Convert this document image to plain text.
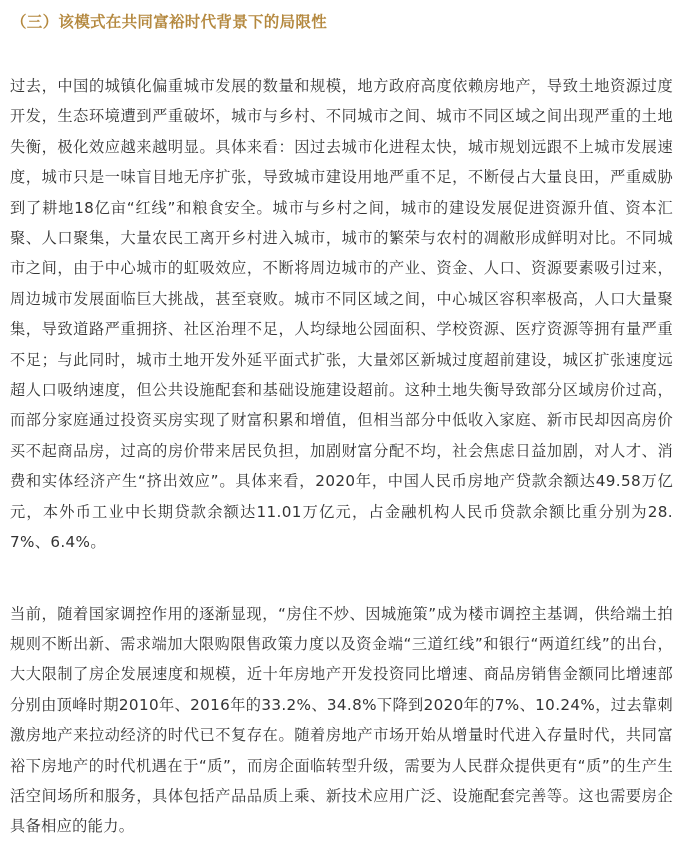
（三）该模式在共同富裕时代背景下的局限性

过去，中国的城镇化偏重城市发展的数量和规模，地方政府高度依赖房地产，导致土地资源过度开发，生态环境遭到严重破坏，城市与乡村、不同城市之间、城市不同区域之间出现严重的土地失衡，极化效应越来越明显。具体来看：因过去城市化进程太快，城市规划远跟不上城市发展速度，城市只是一味盲目地无序扩张，导致城市建设用地严重不足，不断侵占大量良田，严重威胁到了耕地18亿亩“红线”和粮食安全。城市与乡村之间，城市的建设发展促进资源升值、资本汇聚、人口聚集，大量农民工离开乡村进入城市，城市的繁荣与农村的凋敝形成鲜明对比。不同城市之间，由于中心城市的虹吸效应，不断将周边城市的产业、资金、人口、资源要素吸引过来，周边城市发展面临巨大挑战，甚至衰败。城市不同区域之间，中心城区容积率极高，人口大量聚集，导致道路严重拥挤、社区治理不足，人均绿地公园面积、学校资源、医疗资源等拥有量严重不足；与此同时，城市土地开发外延平面式扩张，大量郊区新城过度超前建设，城区扩张速度远超人口吸纳速度，但公共设施配套和基础设施建设超前。这种土地失衡导致部分区域房价过高，而部分家庭通过投资买房实现了财富积累和增值，但相当部分中低收入家庭、新市民却因高房价买不起商品房，过高的房价带来居民负担，加剧财富分配不均，社会焦虑日益加剧，对人才、消费和实体经济产生“挤出效应”。具体来看，2020年，中国人民币房地产贷款余额达49.58万亿元，本外币工业中长期贷款余额达11.01万亿元，占金融机构人民币贷款余额比重分别为28.7%、6.4%。

当前，随着国家调控作用的逐渐显现，“房住不炒、因城施策”成为楼市调控主基调，供给端土拍规则不断出新、需求端加大限购限售政策力度以及资金端“三道红线”和银行“两道红线”的出台，大大限制了房企发展速度和规模，近十年房地产开发投资同比增速、商品房销售金额同比增速部分别由顶峰时期2010年、2016年的33.2%、34.8%下降到2020年的7%、10.24%，过去靠刺激房地产来拉动经济的时代已不复存在。随着房地产市场开始从增量时代进入存量时代，共同富裕下房地产的时代机遇在于“质”，而房企面临转型升级，需要为人民群众提供更有“质”的生产生活空间场所和服务，具体包括产品品质上乘、新技术应用广泛、设施配套完善等。这也需要房企具备相应的能力。
